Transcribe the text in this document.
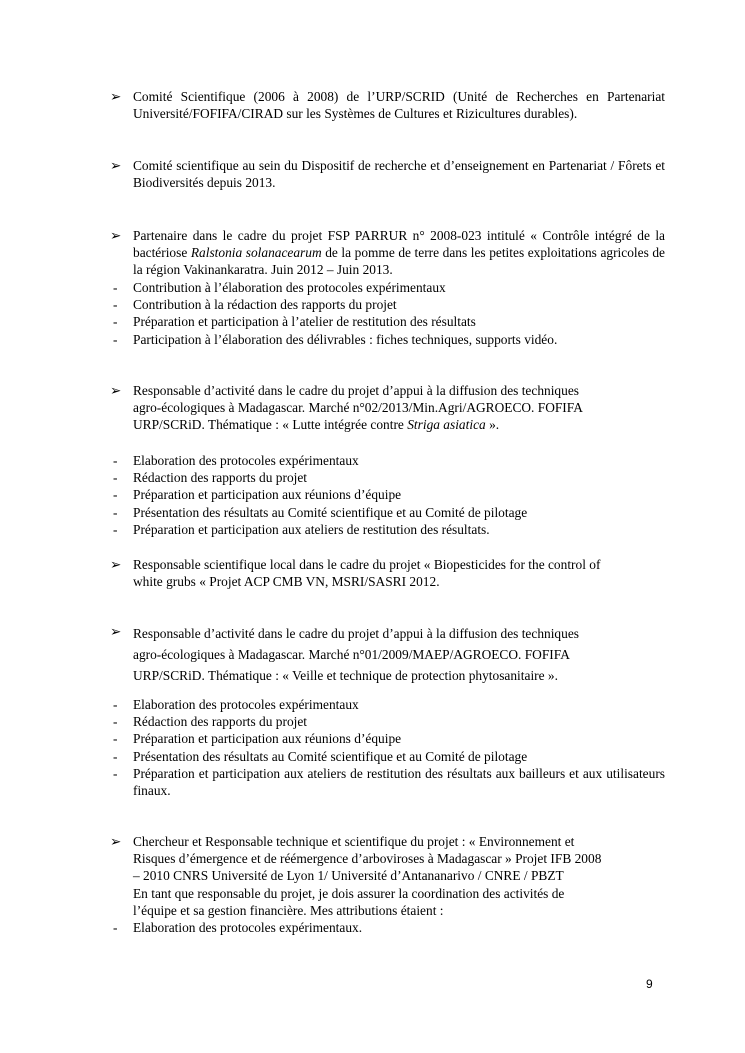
➢ Comité Scientifique (2006 à 2008) de l’URP/SCRID (Unité de Recherches en Partenariat Université/FOFIFA/CIRAD sur les Systèmes de Cultures et Rizicultures durables).
➢ Comité scientifique au sein du Dispositif de recherche et d’enseignement en Partenariat / Fôrets et Biodiversités depuis 2013.
➢ Partenaire dans le cadre du projet FSP PARRUR n° 2008-023 intitulé « Contrôle intégré de la bactériose Ralstonia solanacearum de la pomme de terre dans les petites exploitations agricoles de la région Vakinankaratra. Juin 2012 – Juin 2013.
- Contribution à l’élaboration des protocoles expérimentaux
- Contribution à la rédaction des rapports du projet
- Préparation et participation à l’atelier de restitution des résultats
- Participation à l’élaboration des délivrables : fiches techniques, supports vidéo.
➢ Responsable d’activité dans le cadre du projet d’appui à la diffusion des techniques
agro-écologiques à Madagascar. Marché n°02/2013/Min.Agri/AGROECO. FOFIFA
URP/SCRiD. Thématique : « Lutte intégrée contre Striga asiatica ».
- Elaboration des protocoles expérimentaux
- Rédaction des rapports du projet
- Préparation et participation aux réunions d’équipe
- Présentation des résultats au Comité scientifique et au Comité de pilotage
- Préparation et participation aux ateliers de restitution des résultats.
➢ Responsable scientifique local dans le cadre du projet « Biopesticides for the control of
white grubs « Projet ACP CMB VN, MSRI/SASRI 2012.
➢ Responsable d’activité dans le cadre du projet d’appui à la diffusion des techniques
agro-écologiques à Madagascar. Marché n°01/2009/MAEP/AGROECO. FOFIFA
URP/SCRiD. Thématique : « Veille et technique de protection phytosanitaire ».
- Elaboration des protocoles expérimentaux
- Rédaction des rapports du projet
- Préparation et participation aux réunions d’équipe
- Présentation des résultats au Comité scientifique et au Comité de pilotage
- Préparation et participation aux ateliers de restitution des résultats aux bailleurs et aux utilisateurs finaux.
➢ Chercheur et Responsable technique et scientifique du projet : « Environnement et
Risques d’émergence et de réémergence d’arboviroses à Madagascar » Projet IFB 2008
– 2010 CNRS Université de Lyon 1/ Université d’Antananarivo / CNRE / PBZT
En tant que responsable du projet, je dois assurer la coordination des activités de
l’équipe et sa gestion financière. Mes attributions étaient :
- Elaboration des protocoles expérimentaux.
9
